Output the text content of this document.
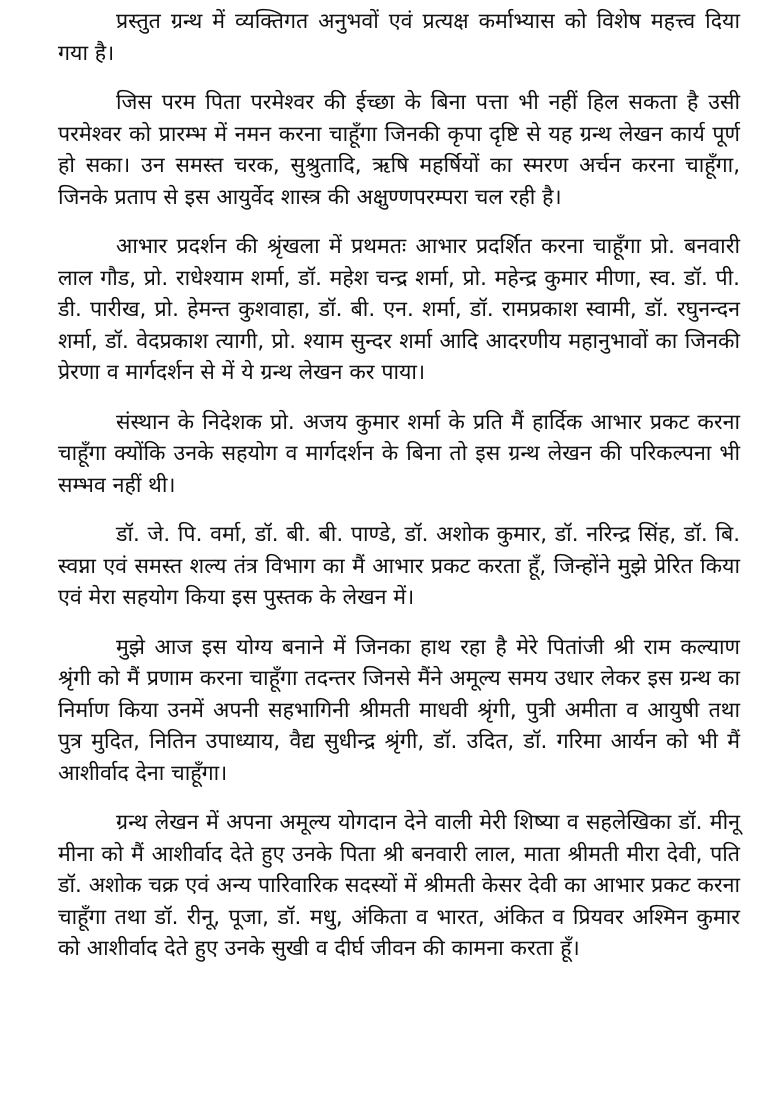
प्रस्तुत ग्रन्थ में व्यक्तिगत अनुभवों एवं प्रत्यक्ष कर्माभ्यास को विशेष महत्त्व दिया गया है।

जिस परम पिता परमेश्वर की ईच्छा के बिना पत्ता भी नहीं हिल सकता है उसी परमेश्वर को प्रारम्भ में नमन करना चाहूँगा जिनकी कृपा दृष्टि से यह ग्रन्थ लेखन कार्य पूर्ण हो सका। उन समस्त चरक, सुश्रुतादि, ऋषि महर्षियों का स्मरण अर्चन करना चाहूँगा, जिनके प्रताप से इस आयुर्वेद शास्त्र की अक्षुण्णपरम्परा चल रही है।

आभार प्रदर्शन की श्रृंखला में प्रथमतः आभार प्रदर्शित करना चाहूँगा प्रो. बनवारी लाल गौड, प्रो. राधेश्याम शर्मा, डॉ. महेश चन्द्र शर्मा, प्रो. महेन्द्र कुमार मीणा, स्व. डॉ. पी. डी. पारीख, प्रो. हेमन्त कुशवाहा, डॉ. बी. एन. शर्मा, डॉ. रामप्रकाश स्वामी, डॉ. रघुनन्दन शर्मा, डॉ. वेदप्रकाश त्यागी, प्रो. श्याम सुन्दर शर्मा आदि आदरणीय महानुभावों का जिनकी प्रेरणा व मार्गदर्शन से में ये ग्रन्थ लेखन कर पाया।

संस्थान के निदेशक प्रो. अजय कुमार शर्मा के प्रति मैं हार्दिक आभार प्रकट करना चाहूँगा क्योंकि उनके सहयोग व मार्गदर्शन के बिना तो इस ग्रन्थ लेखन की परिकल्पना भी सम्भव नहीं थी।

डॉ. जे. पि. वर्मा, डॉ. बी. बी. पाण्डे, डॉ. अशोक कुमार, डॉ. नरिन्द्र सिंह, डॉ. बि. स्वप्ना एवं समस्त शल्य तंत्र विभाग का मैं आभार प्रकट करता हूँ, जिन्होंने मुझे प्रेरित किया एवं मेरा सहयोग किया इस पुस्तक के लेखन में।

मुझे आज इस योग्य बनाने में जिनका हाथ रहा है मेरे पितांजी श्री राम कल्याण श्रृंगी को मैं प्रणाम करना चाहूँगा तदन्तर जिनसे मैंने अमूल्य समय उधार लेकर इस ग्रन्थ का निर्माण किया उनमें अपनी सहभागिनी श्रीमती माधवी श्रृंगी, पुत्री अमीता व आयुषी तथा पुत्र मुदित, नितिन उपाध्याय, वैद्य सुधीन्द्र श्रृंगी, डॉ. उदित, डॉ. गरिमा आर्यन को भी मैं आशीर्वाद देना चाहूँगा।

ग्रन्थ लेखन में अपना अमूल्य योगदान देने वाली मेरी शिष्या व सहलेखिका डॉ. मीनू मीना को मैं आशीर्वाद देते हुए उनके पिता श्री बनवारी लाल, माता श्रीमती मीरा देवी, पति डॉ. अशोक चक्र एवं अन्य पारिवारिक सदस्यों में श्रीमती केसर देवी का आभार प्रकट करना चाहूँगा तथा डॉ. रीनू, पूजा, डॉ. मधु, अंकिता व भारत, अंकित व प्रियवर अश्मिन कुमार को आशीर्वाद देते हुए उनके सुखी व दीर्घ जीवन की कामना करता हूँ।
